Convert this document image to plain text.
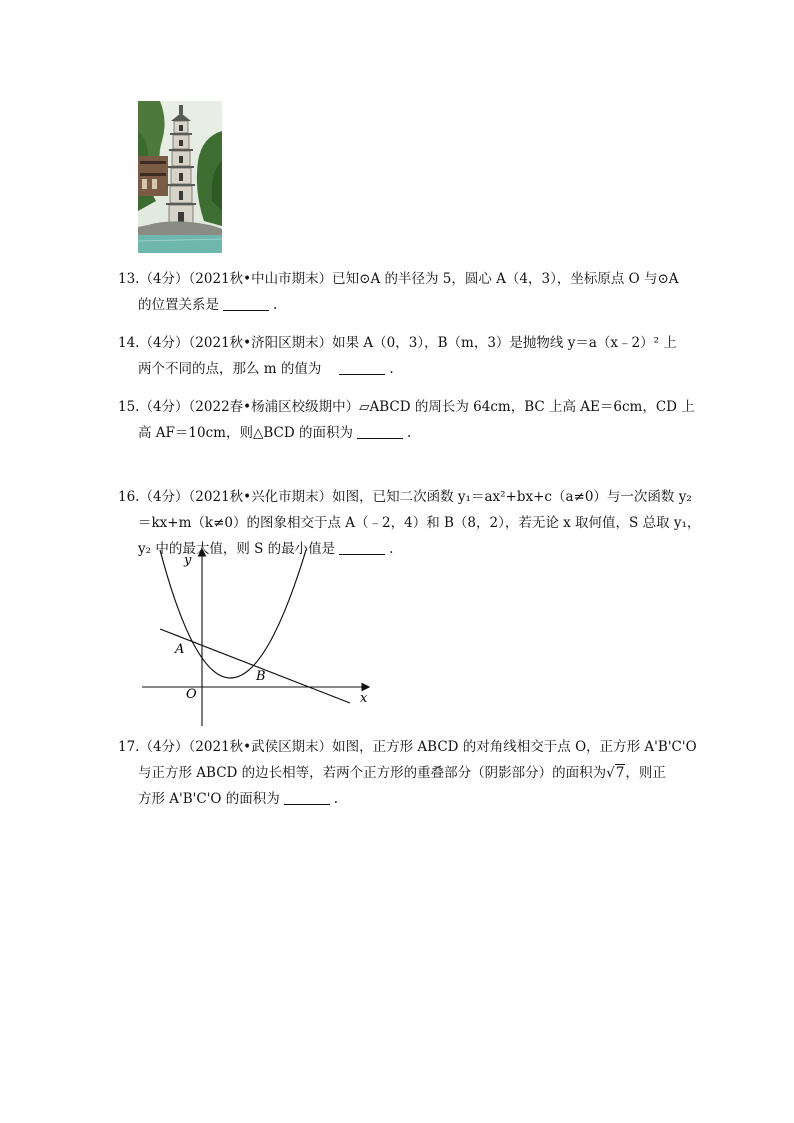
13.（4分）（2021秋•中山市期末）已知⊙A 的半径为 5，圆心 A（4，3），坐标原点 O 与⊙A
的位置关系是	.
14.（4分）（2021秋•济阳区期末）如果 A（0，3），B（m，3）是抛物线 y＝a（x﹣2）² 上
两个不同的点，那么 m 的值为	.
15.（4分）（2022春•杨浦区校级期中）▱ABCD 的周长为 64cm，BC 上高 AE＝6cm，CD 上
高 AF＝10cm，则△BCD 的面积为	.
16.（4分）（2021秋•兴化市期末）如图，已知二次函数 y₁＝ax²+bx+c（a≠0）与一次函数 y₂
＝kx+m（k≠0）的图象相交于点 A（﹣2，4）和 B（8，2），若无论 x 取何值，S 总取 y₁，
y₂ 中的最大值，则 S 的最小值是	.
y
x
A
B
O
17.（4分）（2021秋•武侯区期末）如图，正方形 ABCD 的对角线相交于点 O，正方形 A'B'C'O
与正方形 ABCD 的边长相等，若两个正方形的重叠部分（阴影部分）的面积为√7，则正
方形 A'B'C'O 的面积为	.
